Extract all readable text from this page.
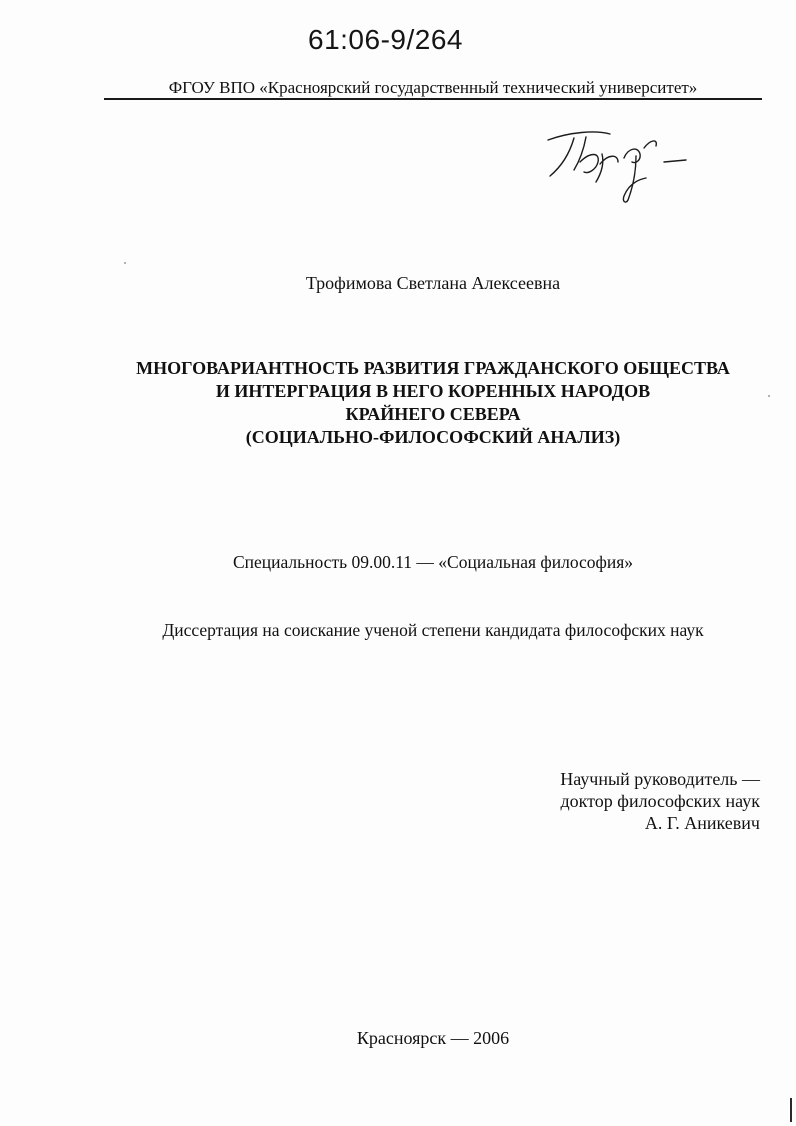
61:06-9/264
ФГОУ ВПО «Красноярский государственный технический университет»
Трофимова Светлана Алексеевна
МНОГОВАРИАНТНОСТЬ РАЗВИТИЯ ГРАЖДАНСКОГО ОБЩЕСТВА
И ИНТЕРГРАЦИЯ В НЕГО КОРЕННЫХ НАРОДОВ
КРАЙНЕГО СЕВЕРА
(СОЦИАЛЬНО-ФИЛОСОФСКИЙ АНАЛИЗ)
Специальность 09.00.11 — «Социальная философия»
Диссертация на соискание ученой степени кандидата философских наук
Научный руководитель —
доктор философских наук
А. Г. Аникевич
Красноярск — 2006
